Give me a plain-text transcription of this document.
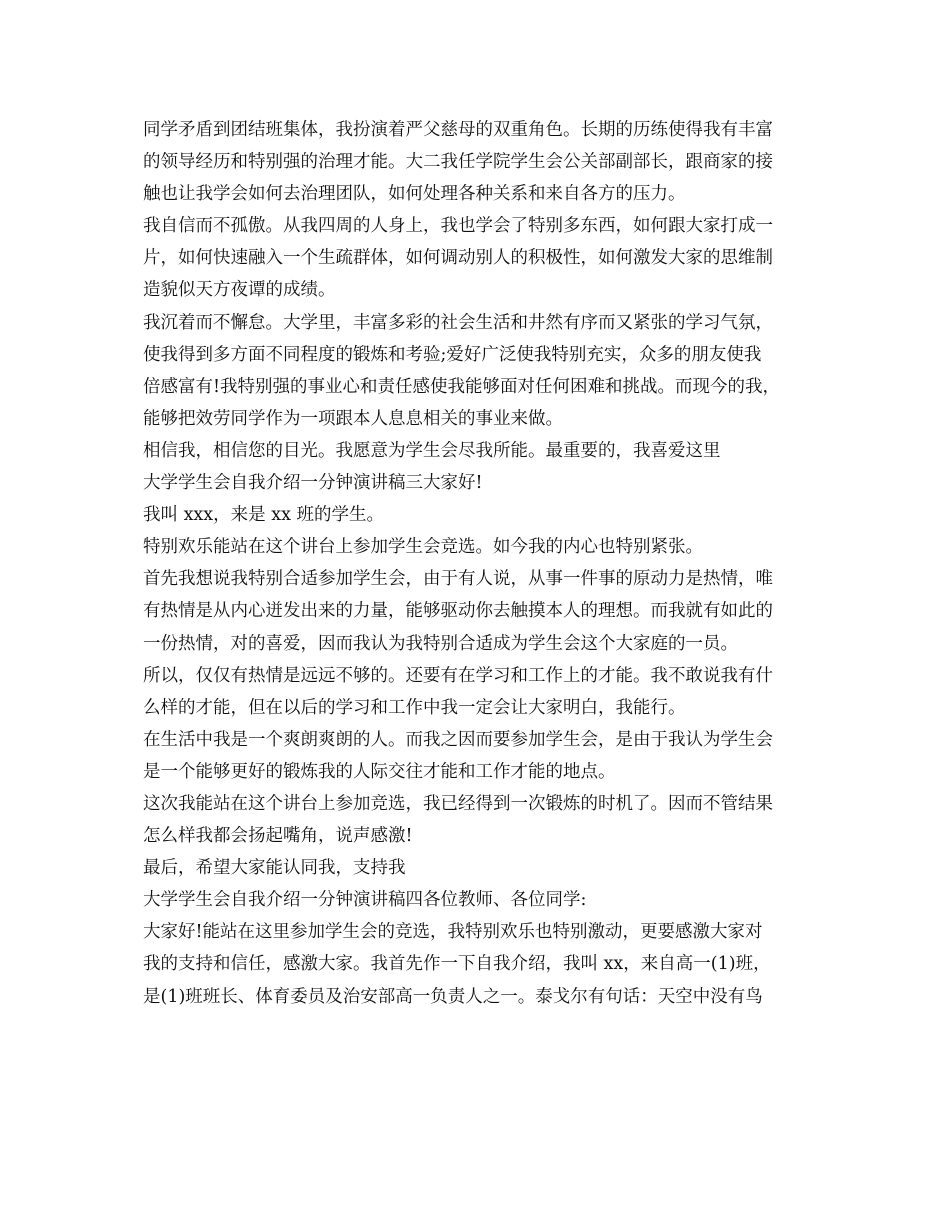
同学矛盾到团结班集体，我扮演着严父慈母的双重角色。长期的历练使得我有丰富
的领导经历和特别强的治理才能。大二我任学院学生会公关部副部长，跟商家的接
触也让我学会如何去治理团队，如何处理各种关系和来自各方的压力。
我自信而不孤傲。从我四周的人身上，我也学会了特别多东西，如何跟大家打成一
片，如何快速融入一个生疏群体，如何调动别人的积极性，如何激发大家的思维制
造貌似天方夜谭的成绩。
我沉着而不懈怠。大学里，丰富多彩的社会生活和井然有序而又紧张的学习气氛，
使我得到多方面不同程度的锻炼和考验;爱好广泛使我特别充实，众多的朋友使我
倍感富有!我特别强的事业心和责任感使我能够面对任何困难和挑战。而现今的我，
能够把效劳同学作为一项跟本人息息相关的事业来做。
相信我，相信您的目光。我愿意为学生会尽我所能。最重要的，我喜爱这里
大学学生会自我介绍一分钟演讲稿三大家好!
我叫 xxx，来是 xx 班的学生。
特别欢乐能站在这个讲台上参加学生会竞选。如今我的内心也特别紧张。
首先我想说我特别合适参加学生会，由于有人说，从事一件事的原动力是热情，唯
有热情是从内心迸发出来的力量，能够驱动你去触摸本人的理想。而我就有如此的
一份热情，对的喜爱，因而我认为我特别合适成为学生会这个大家庭的一员。
所以，仅仅有热情是远远不够的。还要有在学习和工作上的才能。我不敢说我有什
么样的才能，但在以后的学习和工作中我一定会让大家明白，我能行。
在生活中我是一个爽朗爽朗的人。而我之因而要参加学生会，是由于我认为学生会
是一个能够更好的锻炼我的人际交往才能和工作才能的地点。
这次我能站在这个讲台上参加竞选，我已经得到一次锻炼的时机了。因而不管结果
怎么样我都会扬起嘴角，说声感激!
最后，希望大家能认同我，支持我
大学学生会自我介绍一分钟演讲稿四各位教师、各位同学:
大家好!能站在这里参加学生会的竞选，我特别欢乐也特别激动，更要感激大家对
我的支持和信任，感激大家。我首先作一下自我介绍，我叫 xx，来自高一(1)班，
是(1)班班长、体育委员及治安部高一负责人之一。泰戈尔有句话：天空中没有鸟
